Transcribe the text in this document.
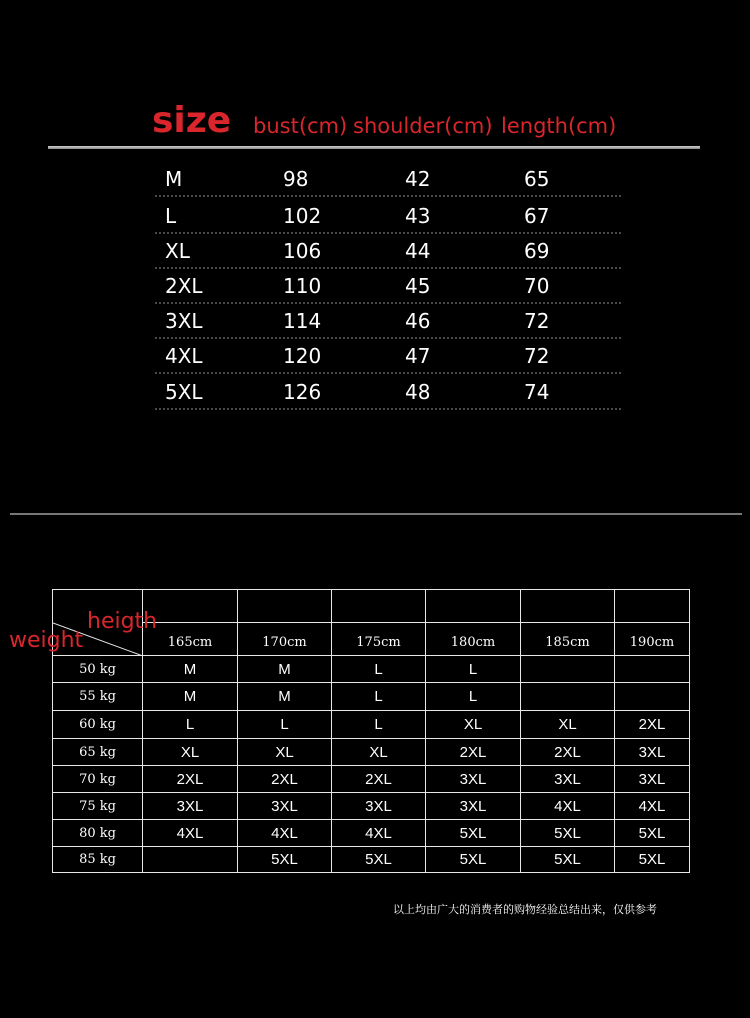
size bust(cm) shoulder(cm) length(cm)
M	98	42	65
L	102	43	67
XL	106	44	69
2XL	110	45	70
3XL	114	46	72
4XL	120	47	72
5XL	126	48	74

	165cm	170cm	175cm	180cm	185cm	190cm
50 kg	M	M	L	L		
55 kg	M	M	L	L		
60 kg	L	L	L	XL	XL	2XL
65 kg	XL	XL	XL	2XL	2XL	3XL
70 kg	2XL	2XL	2XL	3XL	3XL	3XL
75 kg	3XL	3XL	3XL	3XL	4XL	4XL
80 kg	4XL	4XL	4XL	5XL	5XL	5XL
85 kg		5XL	5XL	5XL	5XL	5XL
heigth
weight
以上均由广大的消费者的购物经验总结出来，仅供参考
